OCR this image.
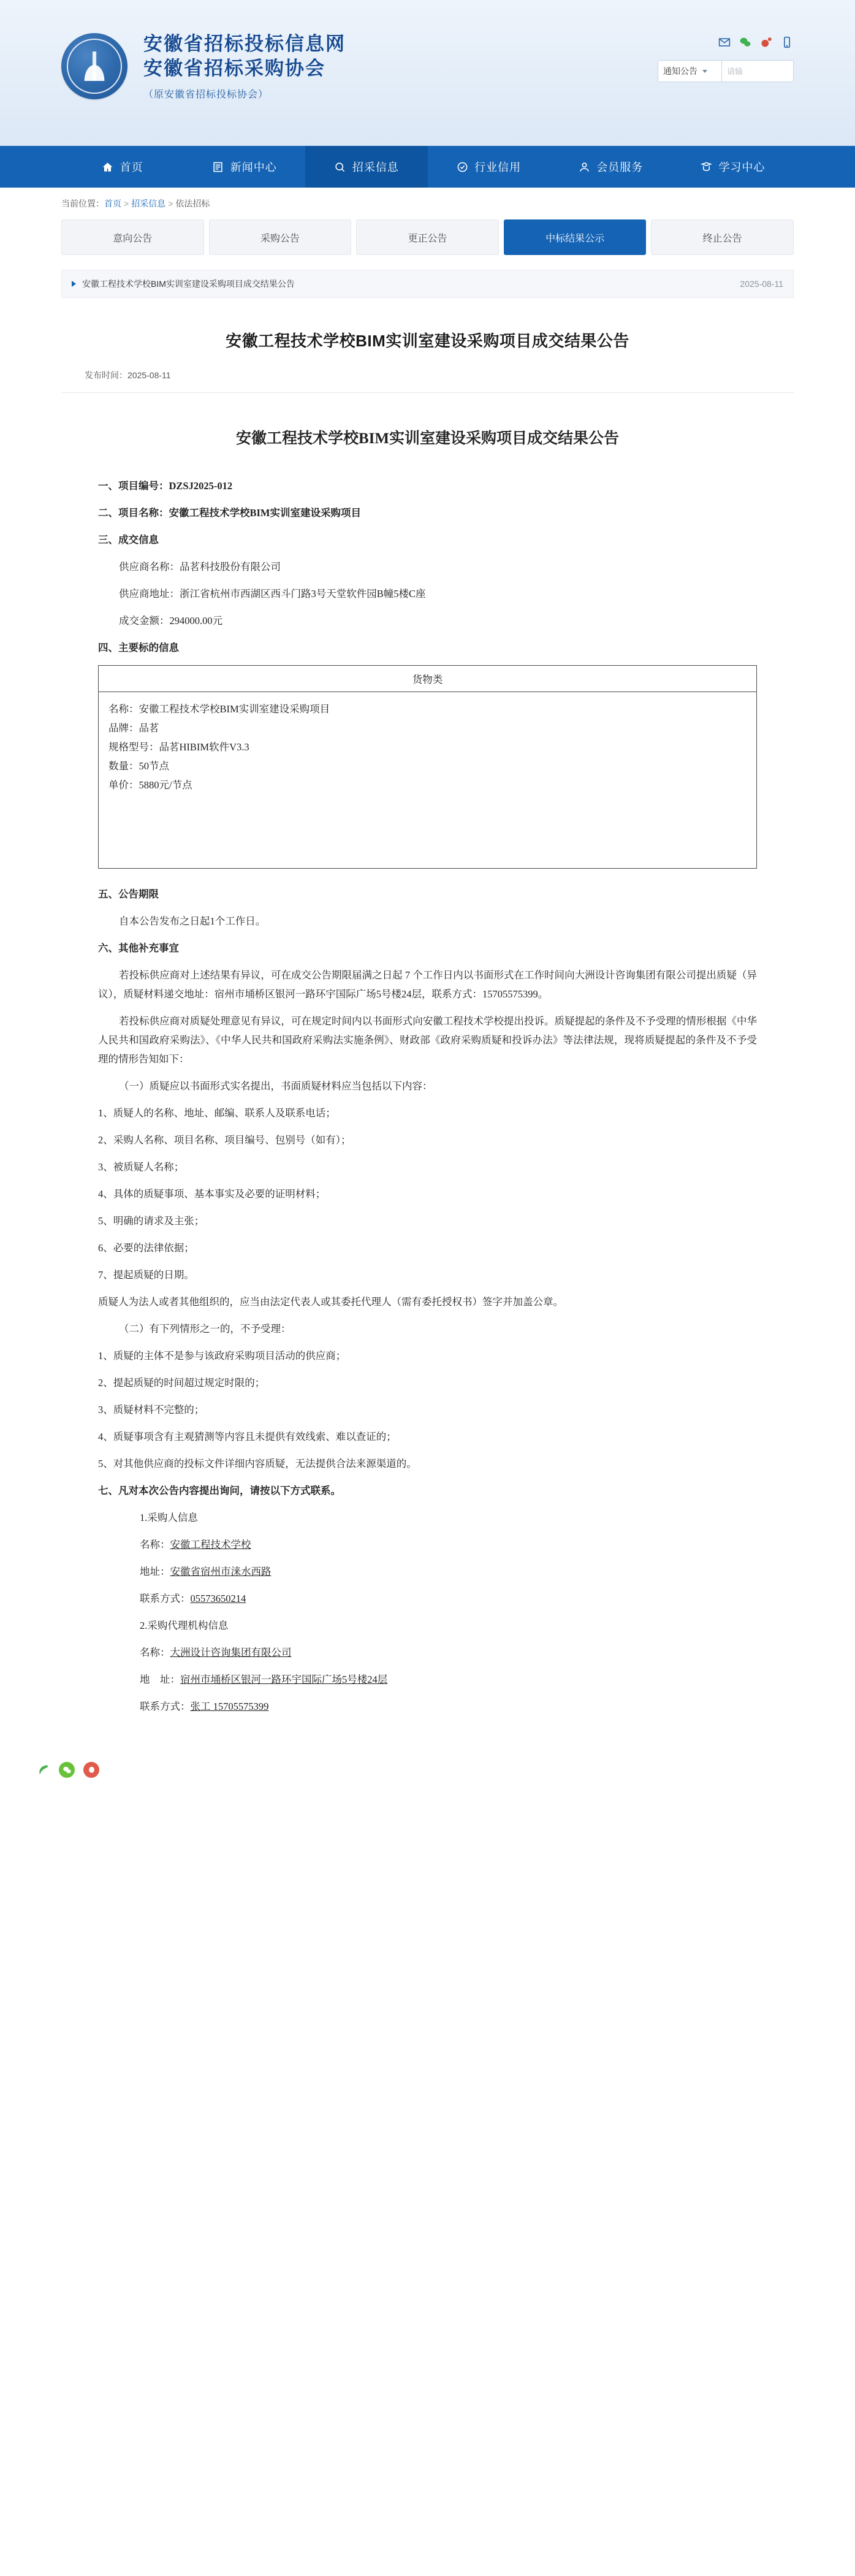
安徽省招标投标信息网
安徽省招标采购协会
（原安徽省招标投标协会）
通知公告
请输
首页	新闻中心	招采信息	行业信用	会员服务	学习中心
当前位置： 首页 > 招采信息 > 依法招标
意向公告	采购公告	更正公告	中标结果公示	终止公告
安徽工程技术学校BIM实训室建设采购项目成交结果公告	2025-08-11
安徽工程技术学校BIM实训室建设采购项目成交结果公告
发布时间：2025-08-11
安徽工程技术学校BIM实训室建设采购项目成交结果公告

一、项目编号：DZSJ2025-012

二、项目名称：安徽工程技术学校BIM实训室建设采购项目

三、成交信息

供应商名称：品茗科技股份有限公司

供应商地址：浙江省杭州市西湖区西斗门路3号天堂软件园B幢5楼C座

成交金额：294000.00元

四、主要标的信息

货物类

名称：安徽工程技术学校BIM实训室建设采购项目
品牌：品茗
规格型号：品茗HIBIM软件V3.3
数量：50节点
单价：5880元/节点

五、公告期限

自本公告发布之日起1个工作日。

六、其他补充事宜

若投标供应商对上述结果有异议，可在成交公告期限届满之日起 7 个工作日内以书面形式在工作时间向大洲设计咨询集团有限公司提出质疑（异议），质疑材料递交地址：宿州市埇桥区银河一路环宇国际广场5号楼24层，联系方式：15705575399。

若投标供应商对质疑处理意见有异议，可在规定时间内以书面形式向安徽工程技术学校提出投诉。质疑提起的条件及不予受理的情形根据《中华人民共和国政府采购法》、《中华人民共和国政府采购法实施条例》、财政部《政府采购质疑和投诉办法》等法律法规，现将质疑提起的条件及不予受理的情形告知如下：

（一）质疑应以书面形式实名提出，书面质疑材料应当包括以下内容：

1、质疑人的名称、地址、邮编、联系人及联系电话；

2、采购人名称、项目名称、项目编号、包别号（如有）；

3、被质疑人名称；

4、具体的质疑事项、基本事实及必要的证明材料；

5、明确的请求及主张；

6、必要的法律依据；

7、提起质疑的日期。

质疑人为法人或者其他组织的，应当由法定代表人或其委托代理人（需有委托授权书）签字并加盖公章。

（二）有下列情形之一的，不予受理：

1、质疑的主体不是参与该政府采购项目活动的供应商；

2、提起质疑的时间超过规定时限的；

3、质疑材料不完整的；

4、质疑事项含有主观猜测等内容且未提供有效线索、难以查证的；

5、对其他供应商的投标文件详细内容质疑，无法提供合法来源渠道的。

七、凡对本次公告内容提出询问，请按以下方式联系。

1.采购人信息

名称：安徽工程技术学校

地址：安徽省宿州市涞水西路

联系方式：05573650214

2.采购代理机构信息

名称：大洲设计咨询集团有限公司

地　址：宿州市埇桥区银河一路环宇国际广场5号楼24层

联系方式：张工 15705575399
